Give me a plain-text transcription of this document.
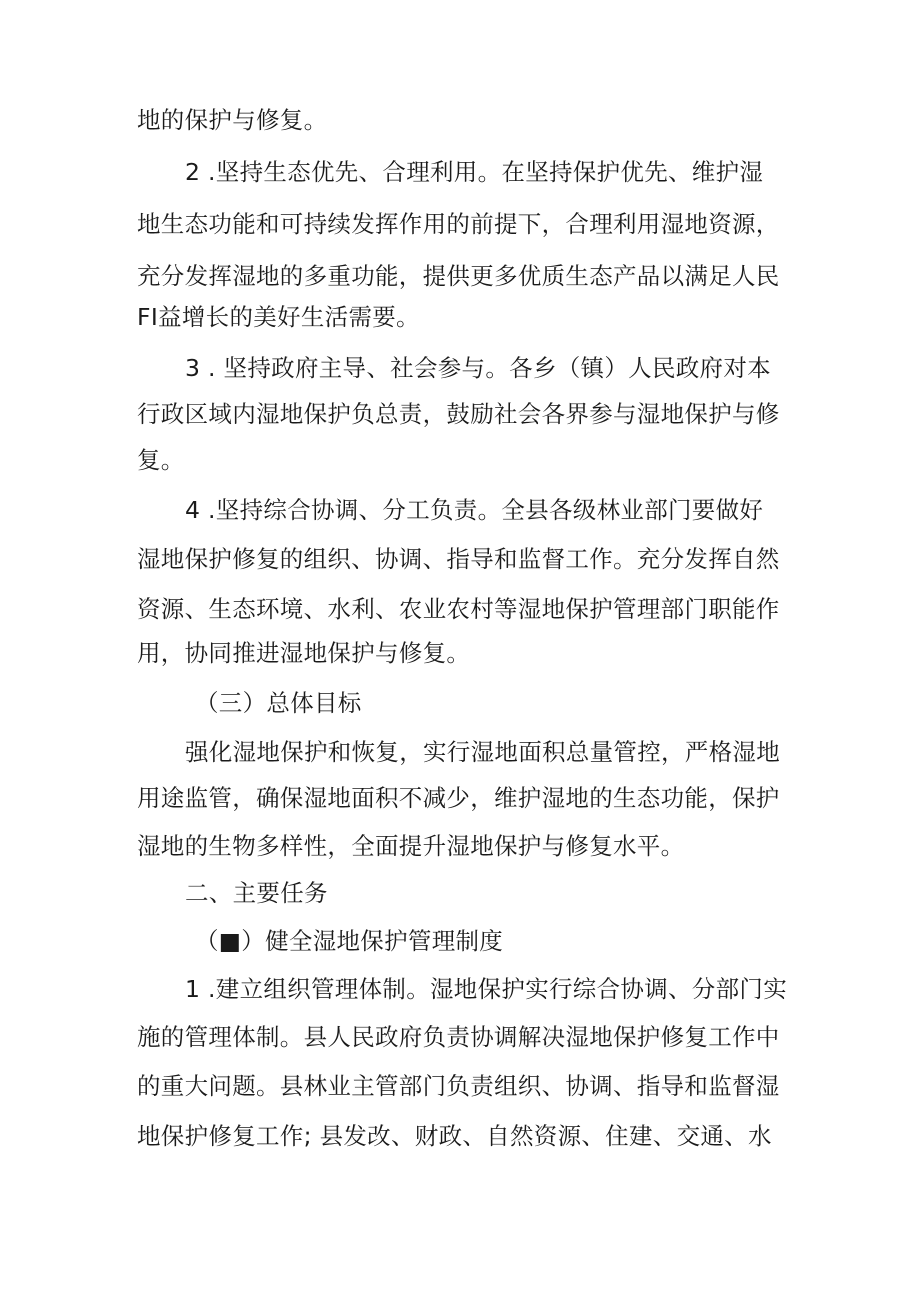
地的保护与修复。
2 .坚持生态优先、合理利用。在坚持保护优先、维护湿
地生态功能和可持续发挥作用的前提下，合理利用湿地资源，
充分发挥湿地的多重功能，提供更多优质生态产品以满足人民
FI益增长的美好生活需要。
3 . 坚持政府主导、社会参与。各乡（镇）人民政府对本
行政区域内湿地保护负总责，鼓励社会各界参与湿地保护与修
复。
4 .坚持综合协调、分工负责。全县各级林业部门要做好
湿地保护修复的组织、协调、指导和监督工作。充分发挥自然
资源、生态环境、水利、农业农村等湿地保护管理部门职能作
用，协同推进湿地保护与修复。
（三）总体目标
强化湿地保护和恢复，实行湿地面积总量管控，严格湿地
用途监管，确保湿地面积不减少，维护湿地的生态功能，保护
湿地的生物多样性，全面提升湿地保护与修复水平。
二、主要任务
（■）健全湿地保护管理制度
1 .建立组织管理体制。湿地保护实行综合协调、分部门实
施的管理体制。县人民政府负责协调解决湿地保护修复工作中
的重大问题。县林业主管部门负责组织、协调、指导和监督湿
地保护修复工作; 县发改、财政、自然资源、住建、交通、水
